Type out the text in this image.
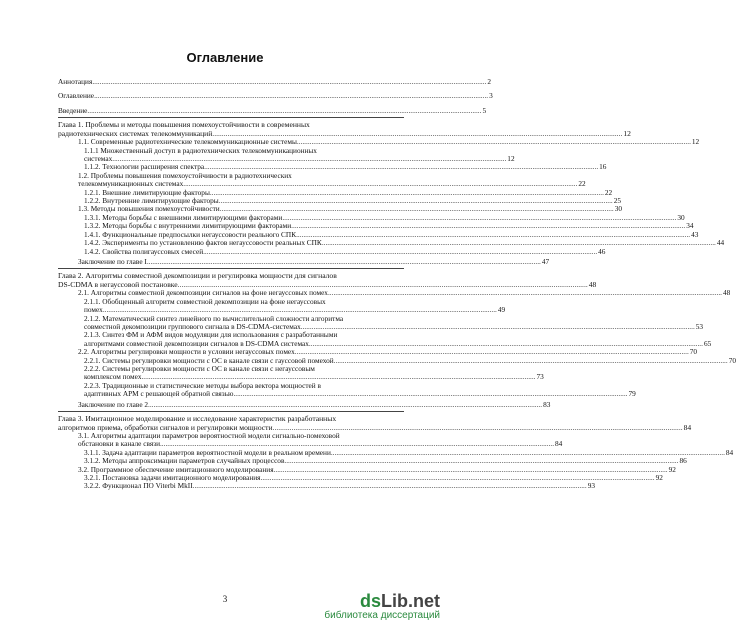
Оглавление
Аннотация .....	2
Оглавление .....	3
Введение .....	5
Глава 1. Проблемы и методы повышения помехоустойчивости в современных
радиотехнических системах телекоммуникаций .....	12
1.1. Современные радиотехнические телекоммуникационные системы .....	12
1.1.1 Множественный доступ в радиотехнических телекоммуникационных
системах .....	12
1.1.2. Технологии расширения спектра .....	16
1.2. Проблемы повышения помехоустойчивости в радиотехнических
телекоммуникационных системах .....	22
1.2.1. Внешние лимитирующие факторы .....	22
1.2.2. Внутренние лимитирующие факторы .....	25
1.3. Методы повышения помехоустойчивости .....	30
1.3.1. Методы борьбы с внешними лимитирующими факторами .....	30
1.3.2. Методы борьбы с внутренними лимитирующими факторами .....	34
1.4.1. Функциональные предпосылки негауссовости реального СПК .....	43
1.4.2. Эксперименты по установлению фактов негауссовости реальных СПК .....	44
1.4.2. Свойства полигауссовых смесей .....	46
Заключение по главе I .....	47
Глава 2. Алгоритмы совместной декомпозиции и регулировка мощности для сигналов
DS-CDMA в негауссовой постановке .....	48
2.1. Алгоритмы совместной декомпозиции сигналов на фоне негауссовых помех .....	48
2.1.1. Обобщенный алгоритм совместной декомпозиции на фоне негауссовых
помех .....	49
2.1.2. Математический синтез линейного по вычислительной сложности алгоритма
совместной декомпозиции группового сигнала в DS-CDMA-системах .....	53
2.1.3. Синтез ФМ и АФМ видов модуляции для использования с разработанными
алгоритмами совместной декомпозиции сигналов в DS-CDMA системах .....	65
2.2. Алгоритмы регулировки мощности в условии негауссовых помех .....	70
2.2.1. Системы регулировки мощности с ОС в канале связи с гауссовой помехой .....	70
2.2.2. Системы регулировки мощности с ОС в канале связи с негауссовым
комплексом помех .....	73
2.2.3. Традиционные и статистические методы выбора вектора мощностей в
адаптивных АРМ с решающей обратной связью .....	79
Заключение по главе 2 .....	83
Глава 3. Имитационное моделирование и исследование характеристик разработанных
алгоритмов приема, обработки сигналов и регулировки мощности .....	84
3.1. Алгоритмы адаптации параметров вероятностной модели сигнально-помеховой
обстановки в канале связи .....	84
3.1.1. Задача адаптации параметров вероятностной модели в реальном времени .....	84
3.1.2. Методы аппроксимации параметров случайных процессов .....	86
3.2. Программное обеспечение имитационного моделирования .....	92
3.2.1. Постановка задачи имитационного моделирования .....	92
3.2.2. Функционал ПО Viterbi MkII .....	93
3	dsLib.net
библиотека диссертаций
